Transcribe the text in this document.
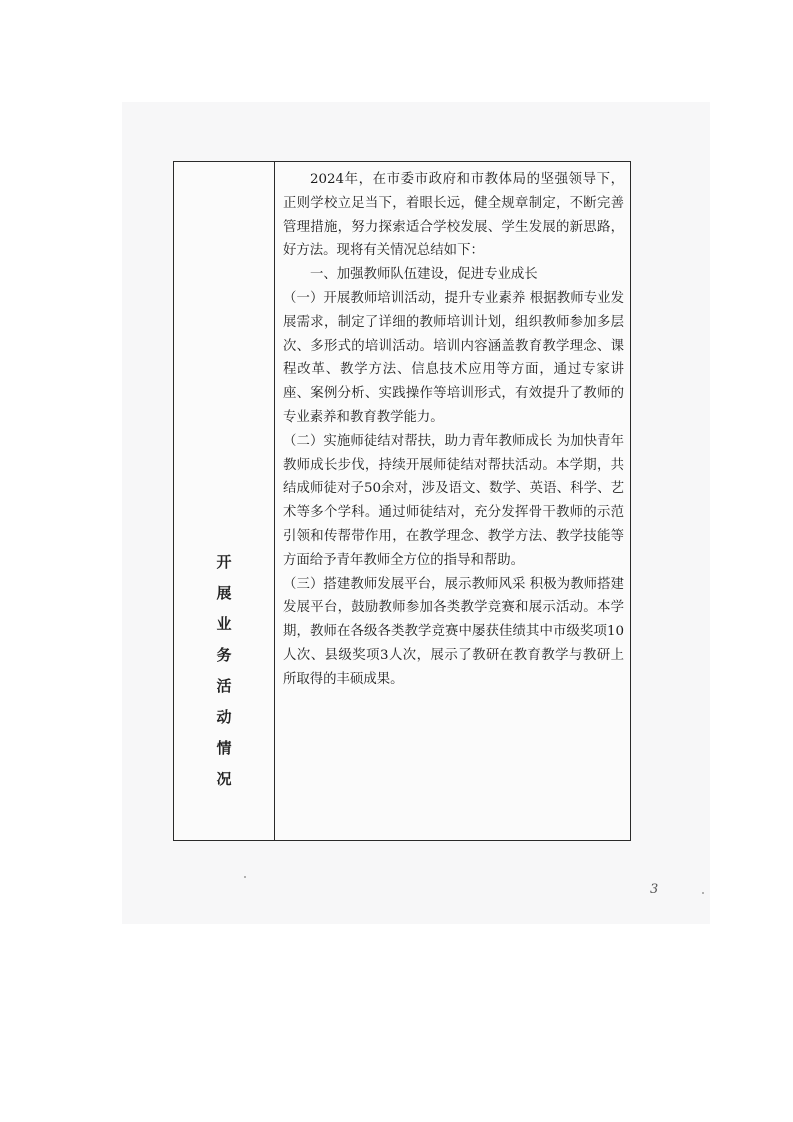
开
展
业
务
活
动
情
况

2024年，在市委市政府和市教体局的坚强领导下，正则学校立足当下，着眼长远，健全规章制定，不断完善管理措施，努力探索适合学校发展、学生发展的新思路，好方法。现将有关情况总结如下：

一、加强教师队伍建设，促进专业成长

（一）开展教师培训活动，提升专业素养 根据教师专业发展需求，制定了详细的教师培训计划，组织教师参加多层次、多形式的培训活动。培训内容涵盖教育教学理念、课程改革、教学方法、信息技术应用等方面，通过专家讲座、案例分析、实践操作等培训形式，有效提升了教师的专业素养和教育教学能力。

（二）实施师徒结对帮扶，助力青年教师成长 为加快青年教师成长步伐，持续开展师徒结对帮扶活动。本学期，共结成师徒对子50余对，涉及语文、数学、英语、科学、艺术等多个学科。通过师徒结对，充分发挥骨干教师的示范引领和传帮带作用，在教学理念、教学方法、教学技能等方面给予青年教师全方位的指导和帮助。

（三）搭建教师发展平台，展示教师风采 积极为教师搭建发展平台，鼓励教师参加各类教学竞赛和展示活动。本学期，教师在各级各类教学竞赛中屡获佳绩其中市级奖项10人次、县级奖项3人次，展示了教研在教育教学与教研上所取得的丰硕成果。

3
